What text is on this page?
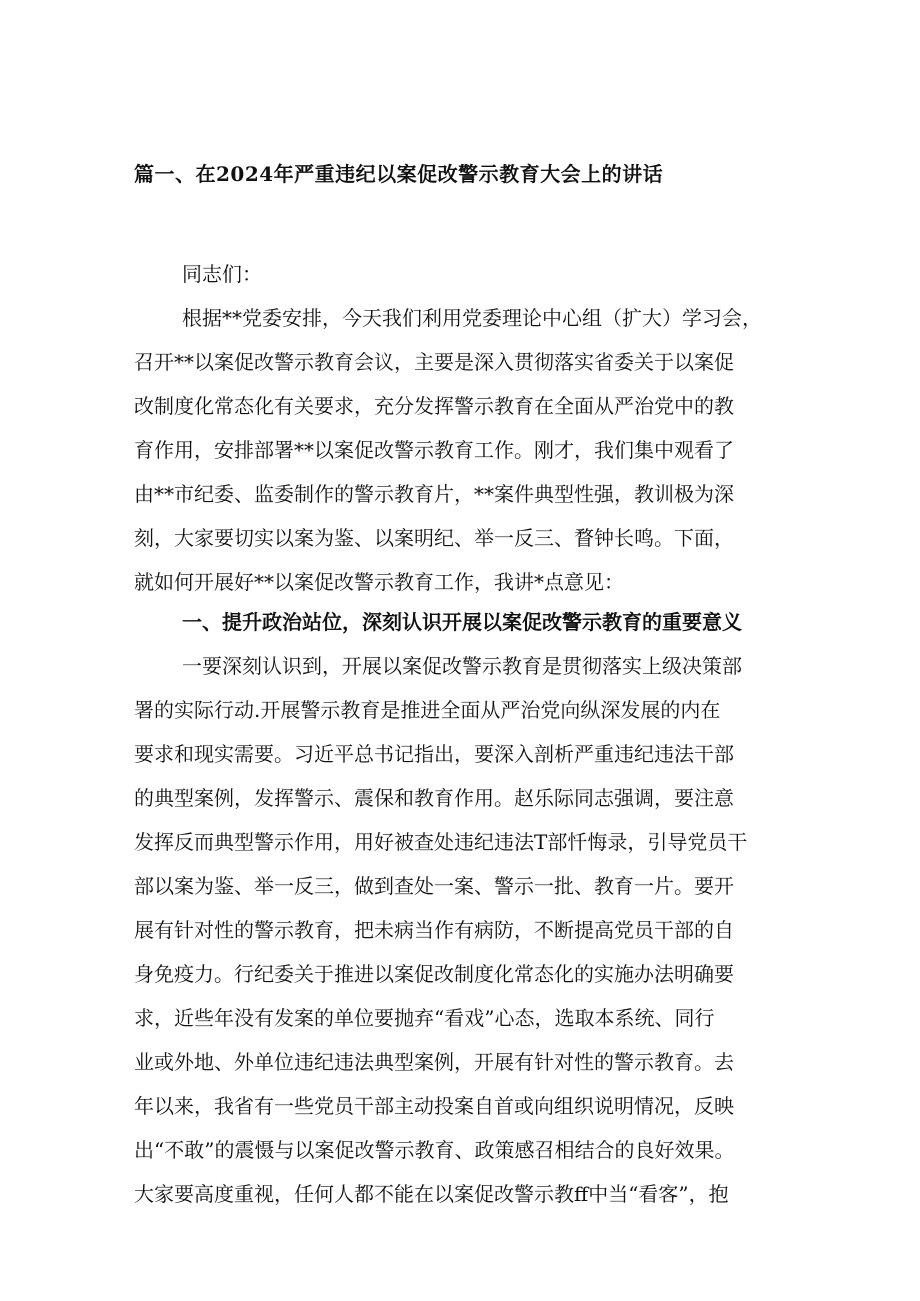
篇一、在2024年严重违纪以案促改警示教育大会上的讲话
同志们：
根据**党委安排，今天我们利用党委理论中心组（扩大）学习会，
召开**以案促改警示教育会议，主要是深入贯彻落实省委关于以案促
改制度化常态化有关要求，充分发挥警示教育在全面从严治党中的教
育作用，安排部署**以案促改警示教育工作。刚才，我们集中观看了
由**市纪委、监委制作的警示教育片，**案件典型性强，教训极为深
刻，大家要切实以案为鉴、以案明纪、举一反三、瞀钟长鸣。下面，
就如何开展好**以案促改警示教育工作，我讲*点意见：
一、提升政治站位，深刻认识开展以案促改警示教育的重要意义
一要深刻认识到，开展以案促改警示教育是贯彻落实上级决策部
署的实际行动.开展警示教育是推进全面从严治党向纵深发展的内在
要求和现实需要。习近平总书记指出，要深入剖析严重违纪违法干部
的典型案例，发挥警示、震保和教育作用。赵乐际同志强调，要注意
发挥反而典型警示作用，用好被查处违纪违法T部忏悔录，引导党员干
部以案为鉴、举一反三，做到查处一案、警示一批、教育一片。要开
展有针对性的警示教育，把未病当作有病防，不断提高党员干部的自
身免疫力。行纪委关于推进以案促改制度化常态化的实施办法明确要
求，近些年没有发案的单位要抛弃“看戏”心态，选取本系统、同行
业或外地、外单位违纪违法典型案例，开展有针对性的警示教育。去
年以来，我省有一些党员干部主动投案自首或向组织说明情况，反映
出“不敢”的震慑与以案促改警示教育、政策感召相结合的良好效果。
大家要高度重视，任何人都不能在以案促改警示教ff中当“看客”，抱
